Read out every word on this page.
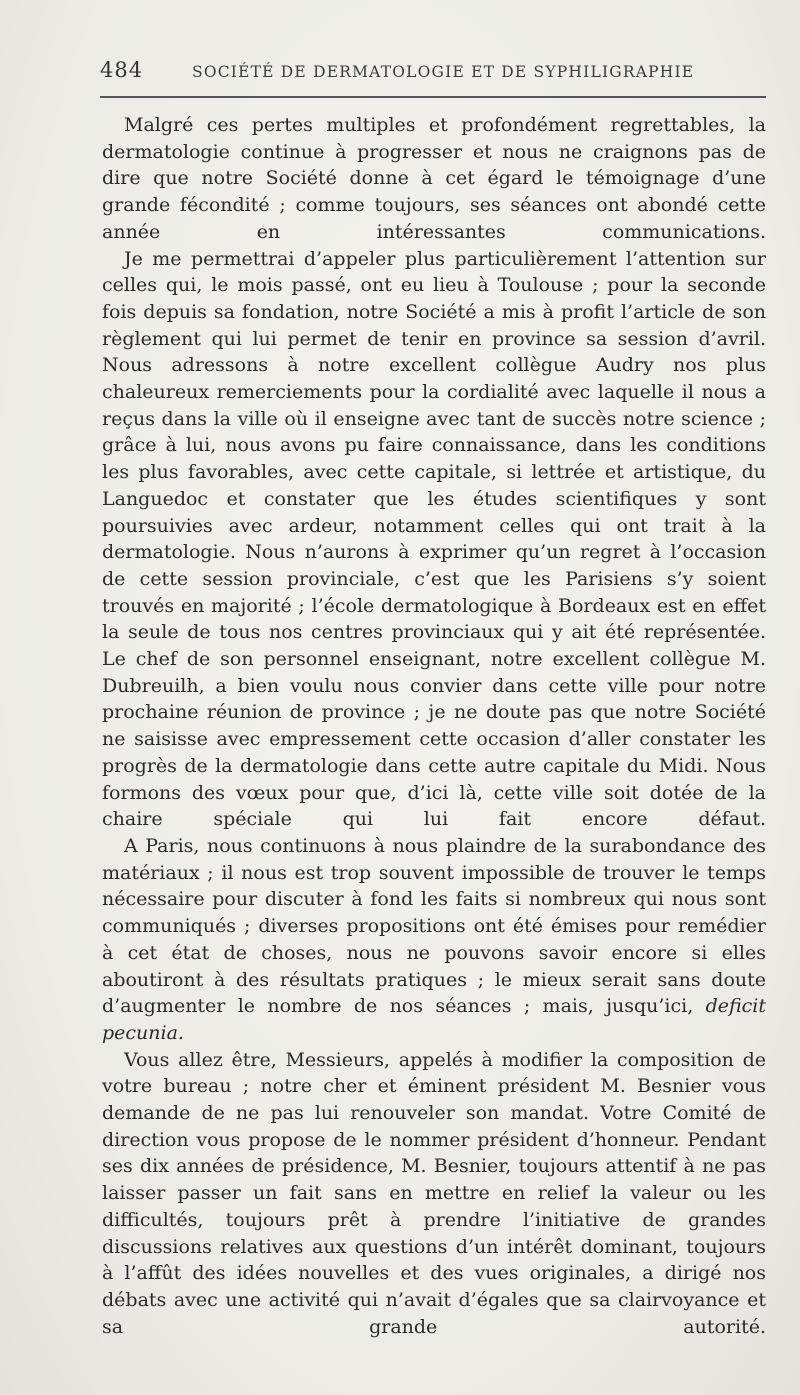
484	SOCIÉTÉ DE DERMATOLOGIE ET DE SYPHILIGRAPHIE

Malgré ces pertes multiples et profondément regrettables, la dermatologie continue à progresser et nous ne craignons pas de dire que notre Société donne à cet égard le témoignage d’une grande fécondité ; comme toujours, ses séances ont abondé cette année en intéressantes communications.

Je me permettrai d’appeler plus particulièrement l’attention sur celles qui, le mois passé, ont eu lieu à Toulouse ; pour la seconde fois depuis sa fondation, notre Société a mis à profit l’article de son règlement qui lui permet de tenir en province sa session d’avril. Nous adressons à notre excellent collègue Audry nos plus chaleureux remerciements pour la cordialité avec laquelle il nous a reçus dans la ville où il enseigne avec tant de succès notre science ; grâce à lui, nous avons pu faire connaissance, dans les conditions les plus favorables, avec cette capitale, si lettrée et artistique, du Languedoc et constater que les études scientifiques y sont poursuivies avec ardeur, notamment celles qui ont trait à la dermatologie. Nous n’aurons à exprimer qu’un regret à l’occasion de cette session provinciale, c’est que les Parisiens s’y soient trouvés en majorité ; l’école dermatologique à Bordeaux est en effet la seule de tous nos centres provinciaux qui y ait été représentée. Le chef de son personnel enseignant, notre excellent collègue M. Dubreuilh, a bien voulu nous convier dans cette ville pour notre prochaine réunion de province ; je ne doute pas que notre Société ne saisisse avec empressement cette occasion d’aller constater les progrès de la dermatologie dans cette autre capitale du Midi. Nous formons des vœux pour que, d’ici là, cette ville soit dotée de la chaire spéciale qui lui fait encore défaut.

A Paris, nous continuons à nous plaindre de la surabondance des matériaux ; il nous est trop souvent impossible de trouver le temps nécessaire pour discuter à fond les faits si nombreux qui nous sont communiqués ; diverses propositions ont été émises pour remédier à cet état de choses, nous ne pouvons savoir encore si elles aboutiront à des résultats pratiques ; le mieux serait sans doute d’augmenter le nombre de nos séances ; mais, jusqu’ici, deficit pecunia.

Vous allez être, Messieurs, appelés à modifier la composition de votre bureau ; notre cher et éminent président M. Besnier vous demande de ne pas lui renouveler son mandat. Votre Comité de direction vous propose de le nommer président d’honneur. Pendant ses dix années de présidence, M. Besnier, toujours attentif à ne pas laisser passer un fait sans en mettre en relief la valeur ou les difficultés, toujours prêt à prendre l’initiative de grandes discussions relatives aux questions d’un intérêt dominant, toujours à l’affût des idées nouvelles et des vues originales, a dirigé nos débats avec une activité qui n’avait d’égales que sa clairvoyance et sa grande autorité.
